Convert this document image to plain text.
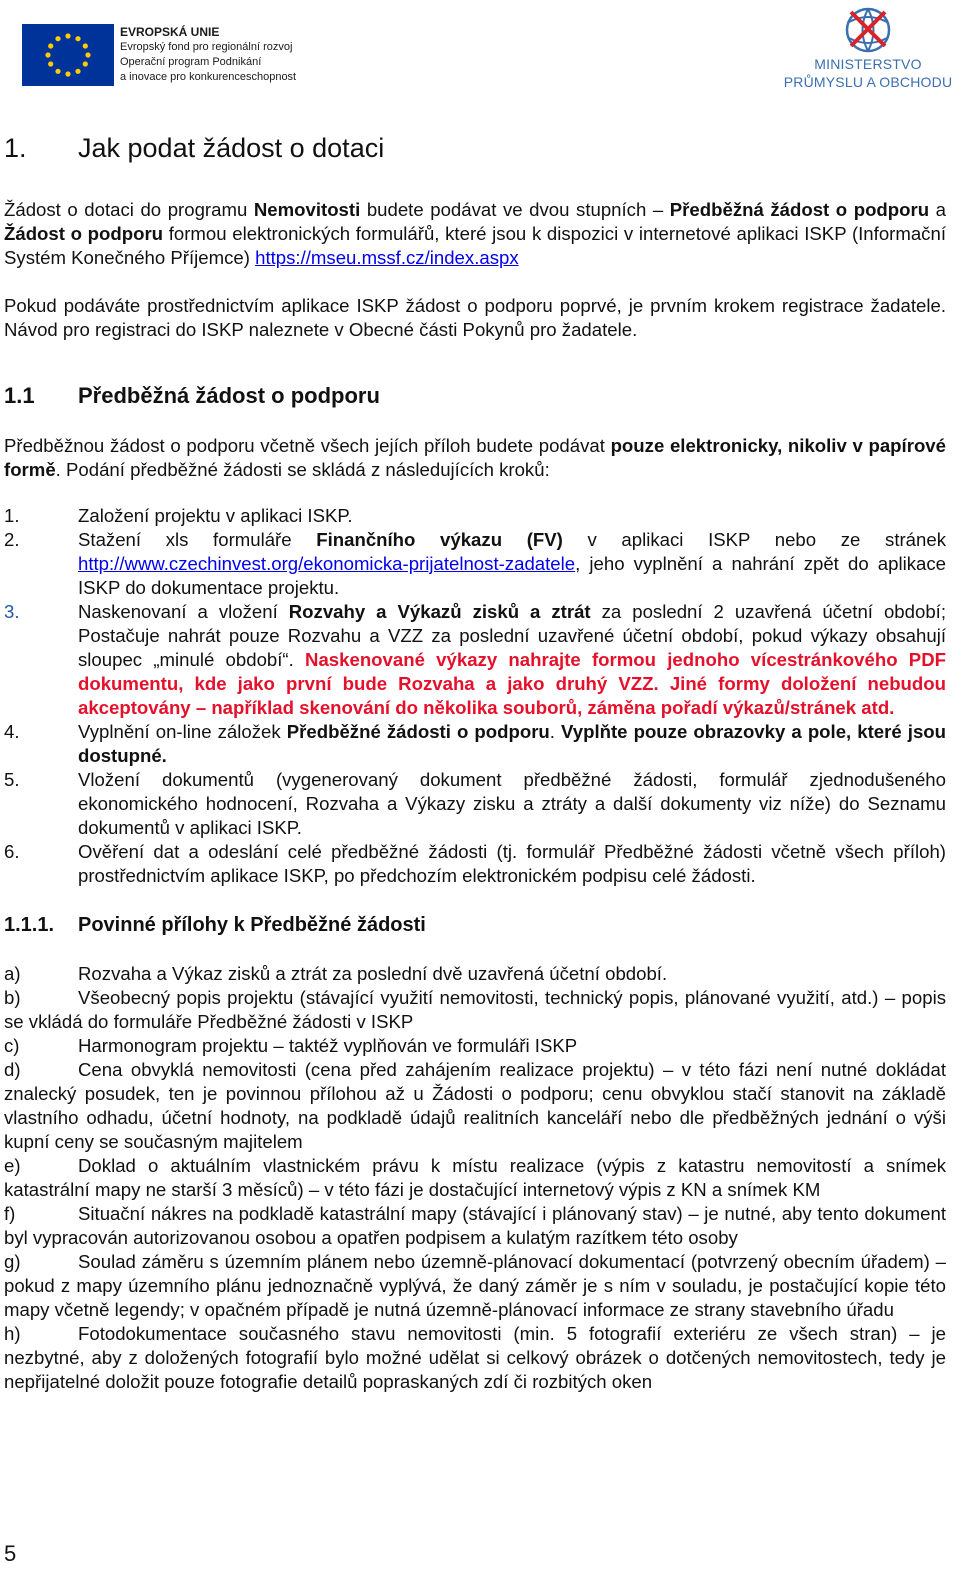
EVROPSKÁ UNIE
Evropský fond pro regionální rozvoj
Operační program Podnikání
a inovace pro konkurenceschopnost
MINISTERSTVO
PRŮMYSLU A OBCHODU
1.	Jak podat žádost o dotaci

Žádost o dotaci do programu Nemovitosti budete podávat ve dvou stupních – Předběžná žádost o podporu a Žádost o podporu formou elektronických formulářů, které jsou k dispozici v internetové aplikaci ISKP (Informační Systém Konečného Příjemce) https://mseu.mssf.cz/index.aspx

Pokud podáváte prostřednictvím aplikace ISKP žádost o podporu poprvé, je prvním krokem registrace žadatele. Návod pro registraci do ISKP naleznete v Obecné části Pokynů pro žadatele.

1.1	Předběžná žádost o podporu

Předběžnou žádost o podporu včetně všech jejích příloh budete podávat pouze elektronicky, nikoliv v papírové formě. Podání předběžné žádosti se skládá z následujících kroků:

1.	Založení projektu v aplikaci ISKP.
2.	Stažení xls formuláře Finančního výkazu (FV) v aplikaci ISKP nebo ze stránek http://www.czechinvest.org/ekonomicka-prijatelnost-zadatele, jeho vyplnění a nahrání zpět do aplikace ISKP do dokumentace projektu.
3.	Naskenovaní a vložení Rozvahy a Výkazů zisků a ztrát za poslední 2 uzavřená účetní období; Postačuje nahrát pouze Rozvahu a VZZ za poslední uzavřené účetní období, pokud výkazy obsahují sloupec „minulé období“. Naskenované výkazy nahrajte formou jednoho vícestránkového PDF dokumentu, kde jako první bude Rozvaha a jako druhý VZZ. Jiné formy doložení nebudou akceptovány – například skenování do několika souborů, záměna pořadí výkazů/stránek atd.
4.	Vyplnění on-line záložek Předběžné žádosti o podporu. Vyplňte pouze obrazovky a pole, které jsou dostupné.
5.	Vložení dokumentů (vygenerovaný dokument předběžné žádosti, formulář zjednodušeného ekonomického hodnocení, Rozvaha a Výkazy zisku a ztráty a další dokumenty viz níže) do Seznamu dokumentů v aplikaci ISKP.
6.	Ověření dat a odeslání celé předběžné žádosti (tj. formulář Předběžné žádosti včetně všech příloh) prostřednictvím aplikace ISKP, po předchozím elektronickém podpisu celé žádosti.
1.1.1.	Povinné přílohy k Předběžné žádosti

a)	Rozvaha a Výkaz zisků a ztrát za poslední dvě uzavřená účetní období.

b)	Všeobecný popis projektu (stávající využití nemovitosti, technický popis, plánované využití, atd.) – popis se vkládá do formuláře Předběžné žádosti v ISKP

c)	Harmonogram projektu – taktéž vyplňován ve formuláři ISKP

d)	Cena obvyklá nemovitosti (cena před zahájením realizace projektu) – v této fázi není nutné dokládat znalecký posudek, ten je povinnou přílohou až u Žádosti o podporu; cenu obvyklou stačí stanovit na základě vlastního odhadu, účetní hodnoty, na podkladě údajů realitních kanceláří nebo dle předběžných jednání o výši kupní ceny se současným majitelem

e)	Doklad o aktuálním vlastnickém právu k místu realizace (výpis z katastru nemovitostí a snímek katastrální mapy ne starší 3 měsíců) – v této fázi je dostačující internetový výpis z KN a snímek KM

f)	Situační nákres na podkladě katastrální mapy (stávající i plánovaný stav) – je nutné, aby tento dokument byl vypracován autorizovanou osobou a opatřen podpisem a kulatým razítkem této osoby

g)	Soulad záměru s územním plánem nebo územně-plánovací dokumentací (potvrzený obecním úřadem) – pokud z mapy územního plánu jednoznačně vyplývá, že daný záměr je s ním v souladu, je postačující kopie této mapy včetně legendy; v opačném případě je nutná územně-plánovací informace ze strany stavebního úřadu

h)	Fotodokumentace současného stavu nemovitosti (min. 5 fotografií exteriéru ze všech stran) – je nezbytné, aby z doložených fotografií bylo možné udělat si celkový obrázek o dotčených nemovitostech, tedy je nepřijatelné doložit pouze fotografie detailů popraskaných zdí či rozbitých oken

5
